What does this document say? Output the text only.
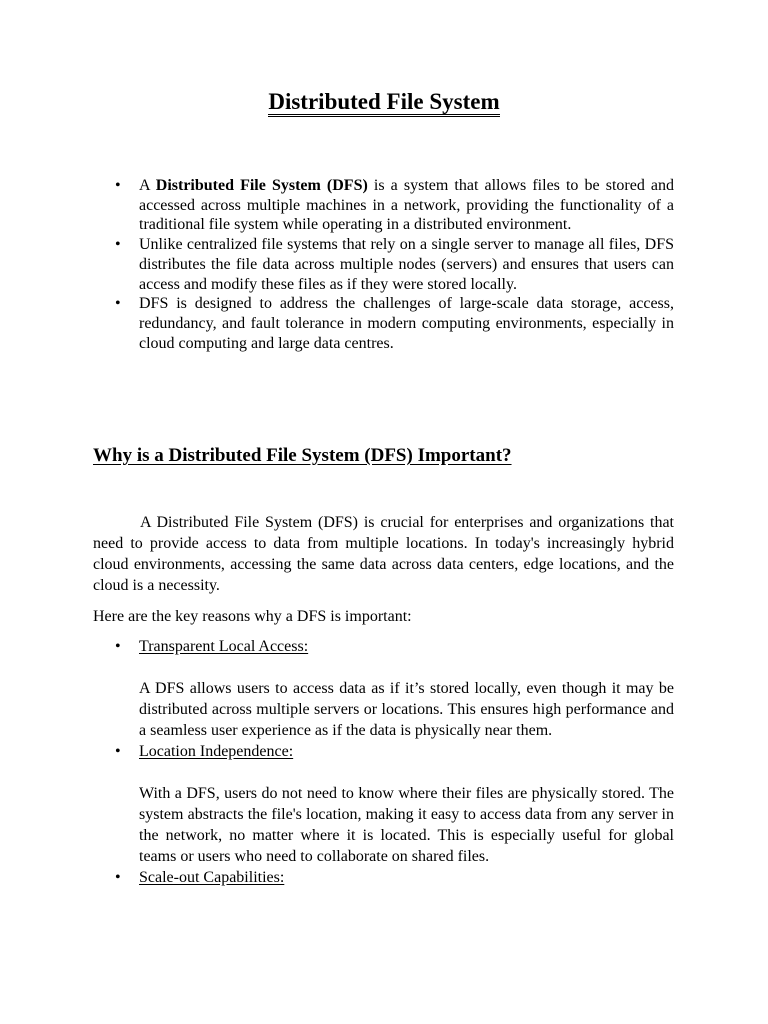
Distributed File System
• A Distributed File System (DFS) is a system that allows files to be stored and accessed across multiple machines in a network, providing the functionality of a traditional file system while operating in a distributed environment.
• Unlike centralized file systems that rely on a single server to manage all files, DFS distributes the file data across multiple nodes (servers) and ensures that users can access and modify these files as if they were stored locally.
• DFS is designed to address the challenges of large-scale data storage, access, redundancy, and fault tolerance in modern computing environments, especially in cloud computing and large data centres.
Why is a Distributed File System (DFS) Important?
A Distributed File System (DFS) is crucial for enterprises and organizations that need to provide access to data from multiple locations. In today's increasingly hybrid cloud environments, accessing the same data across data centers, edge locations, and the cloud is a necessity.
Here are the key reasons why a DFS is important:
• Transparent Local Access:
A DFS allows users to access data as if it’s stored locally, even though it may be distributed across multiple servers or locations. This ensures high performance and a seamless user experience as if the data is physically near them.
• Location Independence:
With a DFS, users do not need to know where their files are physically stored. The system abstracts the file's location, making it easy to access data from any server in the network, no matter where it is located. This is especially useful for global teams or users who need to collaborate on shared files.
• Scale-out Capabilities:
